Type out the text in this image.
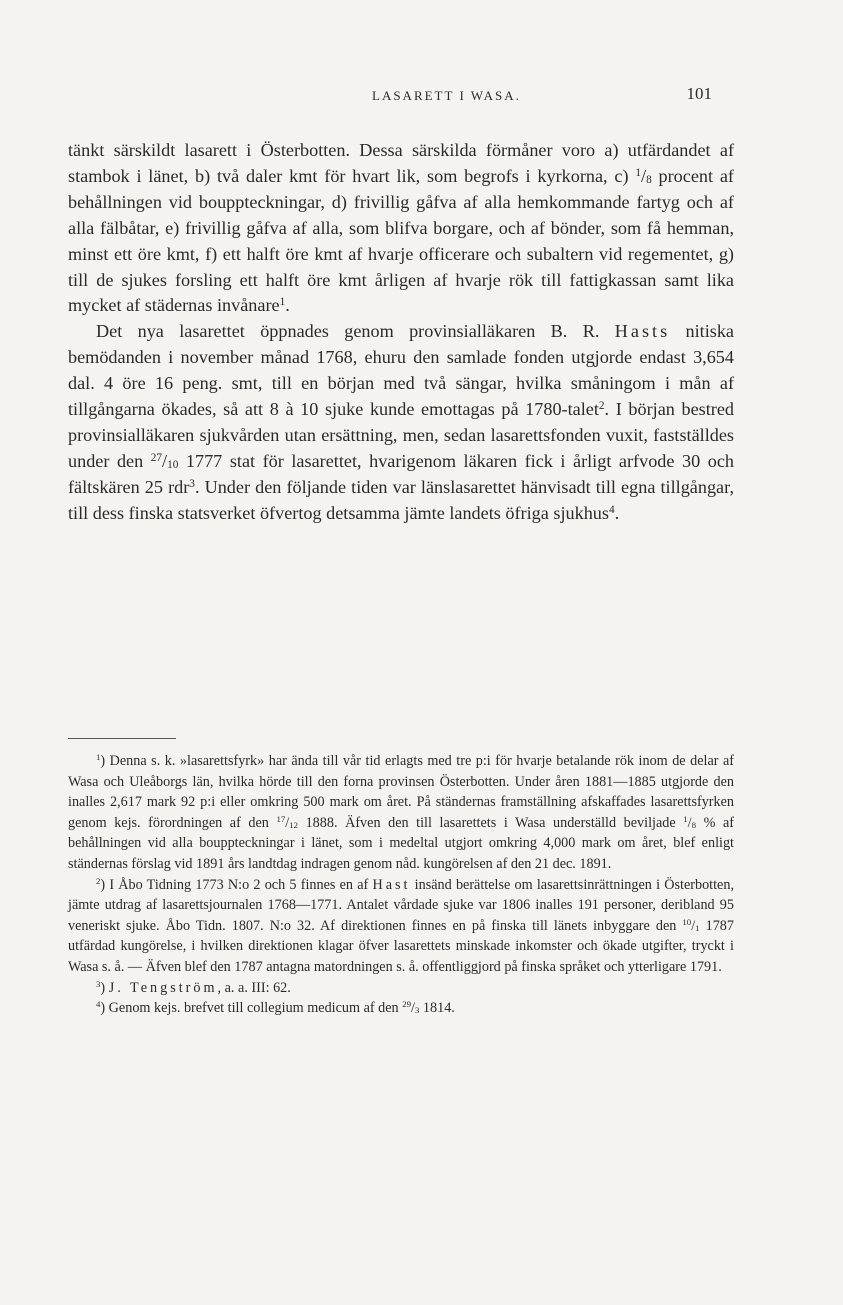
LASARETT I WASA.	101

tänkt särskildt lasarett i Österbotten. Dessa särskilda förmåner voro a) utfärdandet af stambok i länet, b) två daler kmt för hvart lik, som begrofs i kyrkorna, c) $^1/_8$ procent af behållningen vid bouppteckningar, d) frivillig gåfva af alla hemkommande fartyg och af alla fälbåtar, e) frivillig gåfva af alla, som blifva borgare, och af bönder, som få hemman, minst ett öre kmt, f) ett halft öre kmt af hvarje officerare och subaltern vid regementet, g) till de sjukes forsling ett halft öre kmt årligen af hvarje rök till fattigkassan samt lika mycket af städernas invånare$^1$.

Det nya lasarettet öppnades genom provinsialläkaren B. R. Hasts nitiska bemödanden i november månad 1768, ehuru den samlade fonden utgjorde endast 3,654 dal. 4 öre 16 peng. smt, till en början med två sängar, hvilka småningom i mån af tillgångarna ökades, så att 8 à 10 sjuke kunde emottagas på 1780-talet$^2$. I början bestred provinsialläkaren sjukvården utan ersättning, men, sedan lasarettsfonden vuxit, fastställdes under den $^{27}/_{10}$ 1777 stat för lasarettet, hvarigenom läkaren fick i årligt arfvode 30 och fältskären 25 rdr$^3$. Under den följande tiden var länslasarettet hänvisadt till egna tillgångar, till dess finska statsverket öfvertog detsamma jämte landets öfriga sjukhus$^4$.

$^1$) Denna s. k. »lasarettsfyrk» har ända till vår tid erlagts med tre p:i för hvarje betalande rök inom de delar af Wasa och Uleåborgs län, hvilka hörde till den forna provinsen Österbotten. Under åren 1881—1885 utgjorde den inalles 2,617 mark 92 p:i eller omkring 500 mark om året. På ständernas framställning afskaffades lasarettsfyrken genom kejs. förordningen af den $^{17}/_{12}$ 1888. Äfven den till lasarettets i Wasa underställd beviljade $^1/_8$ % af behållningen vid alla bouppteckningar i länet, som i medeltal utgjort omkring 4,000 mark om året, blef enligt ständernas förslag vid 1891 års landtdag indragen genom nåd. kungörelsen af den 21 dec. 1891.

$^2$) I Åbo Tidning 1773 N:o 2 och 5 finnes en af Hast insänd berättelse om lasarettsinrättningen i Österbotten, jämte utdrag af lasarettsjournalen 1768—1771. Antalet vårdade sjuke var 1806 inalles 191 personer, deribland 95 veneriskt sjuke. Åbo Tidn. 1807. N:o 32. Af direktionen finnes en på finska till länets inbyggare den $^{10}/_1$ 1787 utfärdad kungörelse, i hvilken direktionen klagar öfver lasarettets minskade inkomster och ökade utgifter, tryckt i Wasa s. å. — Äfven blef den 1787 antagna matordningen s. å. offentliggjord på finska språket och ytterligare 1791.

$^3$) J. Tengström, a. a. III: 62.

$^4$) Genom kejs. brefvet till collegium medicum af den $^{29}/_3$ 1814.
